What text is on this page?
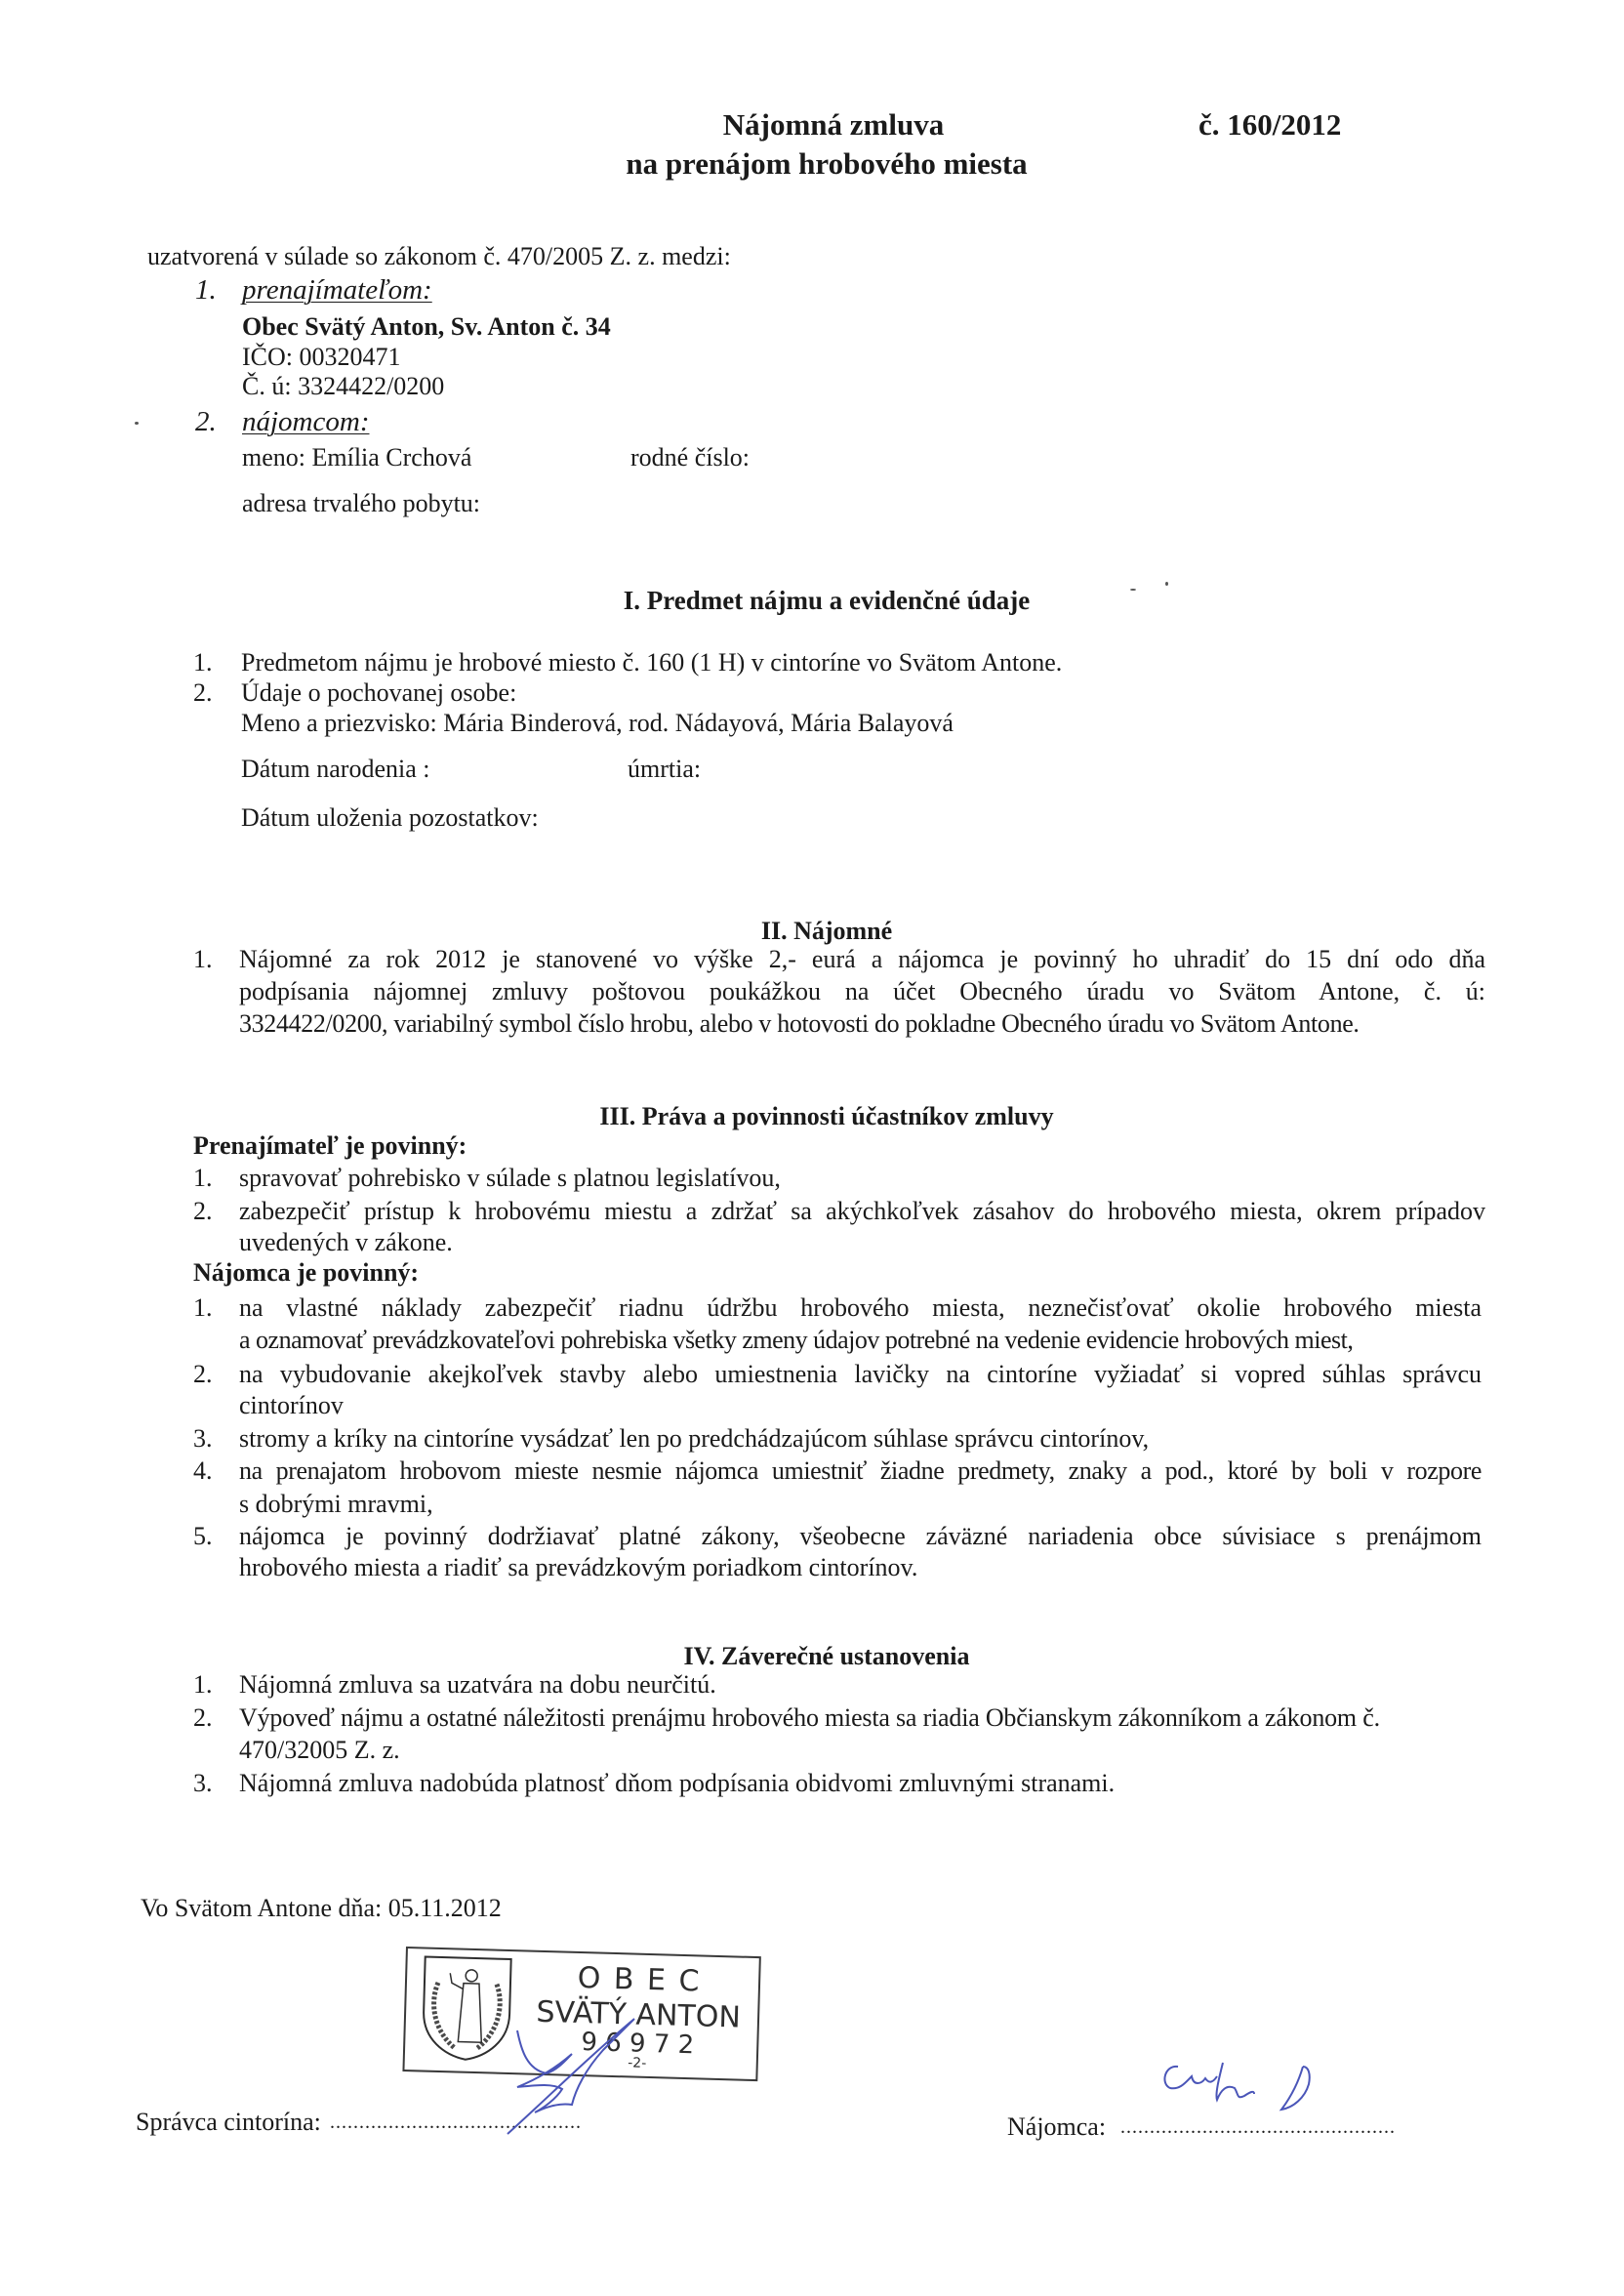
Nájomná zmluva
na prenájom hrobového miesta
č. 160/2012
uzatvorená v súlade so zákonom č. 470/2005 Z. z. medzi:
1. prenajímateľom:
Obec Svätý Anton, Sv. Anton č. 34
IČO: 00320471
Č. ú: 3324422/0200
2. nájomcom:
meno: Emília Crchová	rodné číslo:
adresa trvalého pobytu:
I. Predmet nájmu a evidenčné údaje
1. Predmetom nájmu je hrobové miesto č. 160 (1 H) v cintoríne vo Svätom Antone.
2. Údaje o pochovanej osobe:
Meno a priezvisko: Mária Binderová, rod. Nádayová, Mária Balayová
Dátum narodenia :	úmrtia:
Dátum uloženia pozostatkov:
II. Nájomné
1. Nájomné za rok 2012 je stanovené vo výške 2,- eurá a nájomca je povinný ho uhradiť do 15 dní odo dňa
podpísania nájomnej zmluvy poštovou poukážkou na účet Obecného úradu vo Svätom Antone, č. ú:
3324422/0200, variabilný symbol číslo hrobu, alebo v hotovosti do pokladne Obecného úradu vo Svätom Antone.
III. Práva a povinnosti účastníkov zmluvy
Prenajímateľ je povinný:
1. spravovať pohrebisko v súlade s platnou legislatívou,
2. zabezpečiť prístup k hrobovému miestu a zdržať sa akýchkoľvek zásahov do hrobového miesta, okrem prípadov
uvedených v zákone.
Nájomca je povinný:
1. na vlastné náklady zabezpečiť riadnu údržbu hrobového miesta, neznečisťovať okolie hrobového miesta
a oznamovať prevádzkovateľovi pohrebiska všetky zmeny údajov potrebné na vedenie evidencie hrobových miest,
2. na vybudovanie akejkoľvek stavby alebo umiestnenia lavičky na cintoríne vyžiadať si vopred súhlas správcu
cintorínov
3. stromy a kríky na cintoríne vysádzať len po predchádzajúcom súhlase správcu cintorínov,
4. na prenajatom hrobovom mieste nesmie nájomca umiestniť žiadne predmety, znaky a pod., ktoré by boli v rozpore
s dobrými mravmi,
5. nájomca je povinný dodržiavať platné zákony, všeobecne záväzné nariadenia obce súvisiace s prenájmom
hrobového miesta a riadiť sa prevádzkovým poriadkom cintorínov.
IV. Záverečné ustanovenia
1. Nájomná zmluva sa uzatvára na dobu neurčitú.
2. Výpoveď nájmu a ostatné náležitosti prenájmu hrobového miesta sa riadia Občianskym zákonníkom a zákonom č.
470/32005 Z. z.
3. Nájomná zmluva nadobúda platnosť dňom podpísania obidvomi zmluvnými stranami.
Vo Svätom Antone dňa: 05.11.2012
O B E C
SVÄTÝ ANTON
9 6 9 7 2
-2-
Správca cintorína: ...........................................	Nájomca: ...............................................
